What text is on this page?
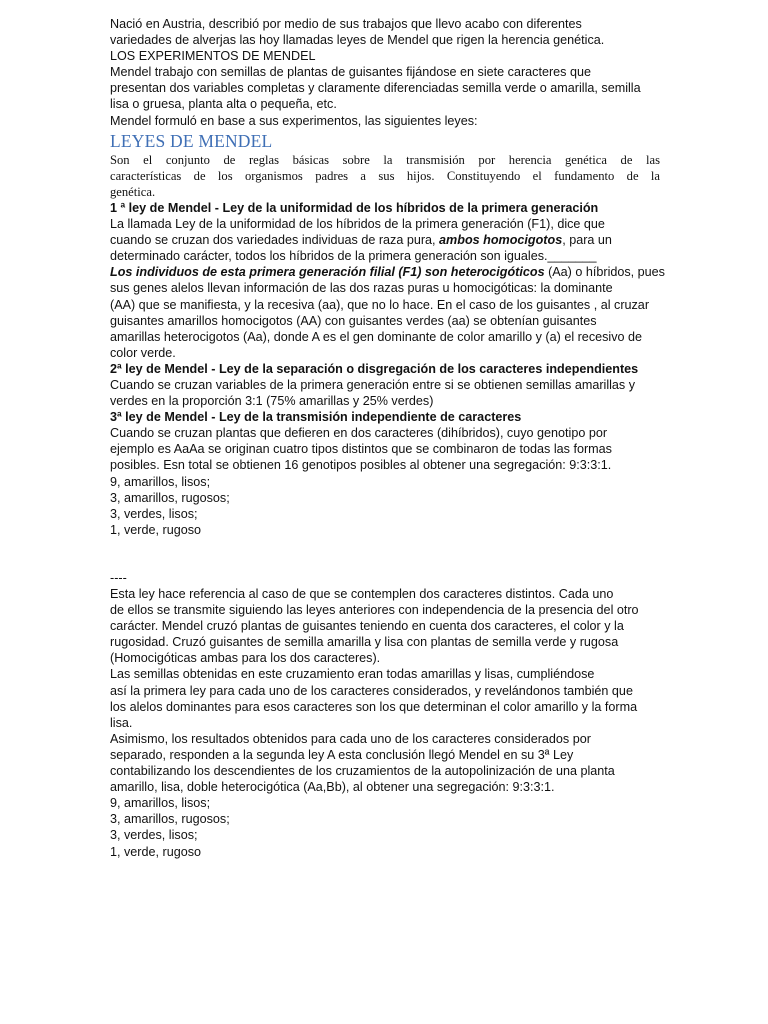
Nació en Austria, describió por medio de sus trabajos que llevo acabo con diferentes
variedades de alverjas las hoy llamadas leyes de Mendel que rigen la herencia genética.
LOS EXPERIMENTOS DE MENDEL
Mendel trabajo con semillas de plantas de guisantes fijándose en siete caracteres que
presentan dos variables completas y claramente diferenciadas semilla verde o amarilla, semilla
lisa o gruesa, planta alta o pequeña, etc.
Mendel formuló en base a sus experimentos, las siguientes leyes:
LEYES DE MENDEL
Son el conjunto de reglas básicas sobre la transmisión por herencia genética de las
características de los organismos padres a sus hijos. Constituyendo el fundamento de la
genética.
1 ª ley de Mendel - Ley de la uniformidad de los híbridos de la primera generación
La llamada Ley de la uniformidad de los híbridos de la primera generación (F1), dice que
cuando se cruzan dos variedades individuas de raza pura, ambos homocigotos, para un
determinado carácter, todos los híbridos de la primera generación son iguales._______
Los individuos de esta primera generación filial (F1) son heterocigóticos (Aa) o híbridos, pues
sus genes alelos llevan información de las dos razas puras u homocigóticas: la dominante
(AA) que se manifiesta, y la recesiva (aa), que no lo hace. En el caso de los guisantes , al cruzar
guisantes amarillos homocigotos (AA) con guisantes verdes (aa) se obtenían guisantes
amarillas heterocigotos (Aa), donde A es el gen dominante de color amarillo y (a) el recesivo de
color verde.
2ª ley de Mendel - Ley de la separación o disgregación de los caracteres independientes
Cuando se cruzan variables de la primera generación entre si se obtienen semillas amarillas y
verdes en la proporción 3:1 (75% amarillas y 25% verdes)
3ª ley de Mendel - Ley de la transmisión independiente de caracteres
Cuando se cruzan plantas que defieren en dos caracteres (dihíbridos), cuyo genotipo por
ejemplo es AaAa se originan cuatro tipos distintos que se combinaron de todas las formas
posibles. Esn total se obtienen 16 genotipos posibles al obtener una segregación: 9:3:3:1.
9, amarillos, lisos;
3, amarillos, rugosos;
3, verdes, lisos;
1, verde, rugoso
----
Esta ley hace referencia al caso de que se contemplen dos caracteres distintos. Cada uno
de ellos se transmite siguiendo las leyes anteriores con independencia de la presencia del otro
carácter. Mendel cruzó plantas de guisantes teniendo en cuenta dos caracteres, el color y la
rugosidad. Cruzó guisantes de semilla amarilla y lisa con plantas de semilla verde y rugosa
(Homocigóticas ambas para los dos caracteres).
Las semillas obtenidas en este cruzamiento eran todas amarillas y lisas, cumpliéndose
así la primera ley para cada uno de los caracteres considerados, y revelándonos también que
los alelos dominantes para esos caracteres son los que determinan el color amarillo y la forma
lisa.
Asimismo, los resultados obtenidos para cada uno de los caracteres considerados por
separado, responden a la segunda ley A esta conclusión llegó Mendel en su 3ª Ley
contabilizando los descendientes de los cruzamientos de la autopolinización de una planta
amarillo, lisa, doble heterocigótica (Aa,Bb), al obtener una segregación: 9:3:3:1.
9, amarillos, lisos;
3, amarillos, rugosos;
3, verdes, lisos;
1, verde, rugoso
